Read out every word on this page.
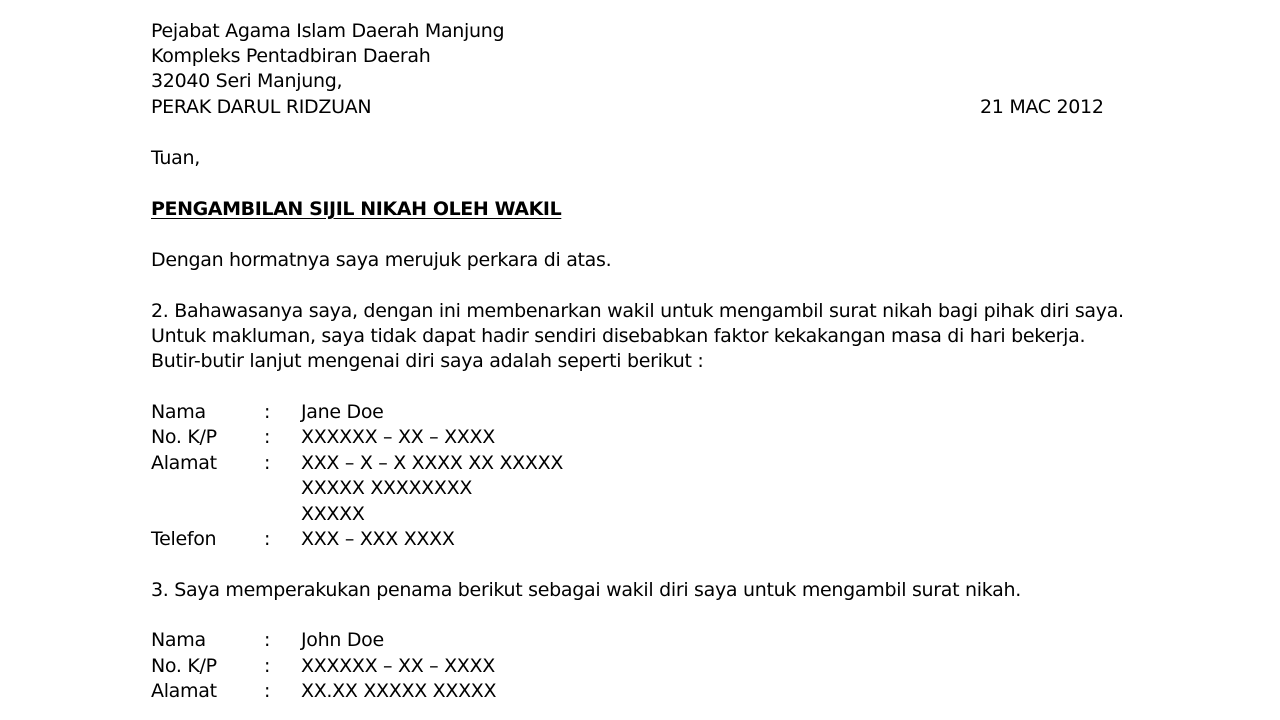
Pejabat Agama Islam Daerah Manjung
Kompleks Pentadbiran Daerah
32040 Seri Manjung,
PERAK DARUL RIDZUAN	21 MAC 2012
Tuan,
PENGAMBILAN SIJIL NIKAH OLEH WAKIL
Dengan hormatnya saya merujuk perkara di atas.
2. Bahawasanya saya, dengan ini membenarkan wakil untuk mengambil surat nikah bagi pihak diri saya.
Untuk makluman, saya tidak dapat hadir sendiri disebabkan faktor kekakangan masa di hari bekerja.
Butir-butir lanjut mengenai diri saya adalah seperti berikut :
Nama	: Jane Doe
No. K/P : XXXXXX – XX – XXXX
Alamat : XXX – X – X XXXX XX XXXXX
XXXXX XXXXXXXX
XXXXX
Telefon	: XXX – XXX XXXX
3. Saya memperakukan penama berikut sebagai wakil diri saya untuk mengambil surat nikah.
Nama	: John Doe
No. K/P : XXXXXX – XX – XXXX
Alamat : XX.XX XXXXX XXXXX
